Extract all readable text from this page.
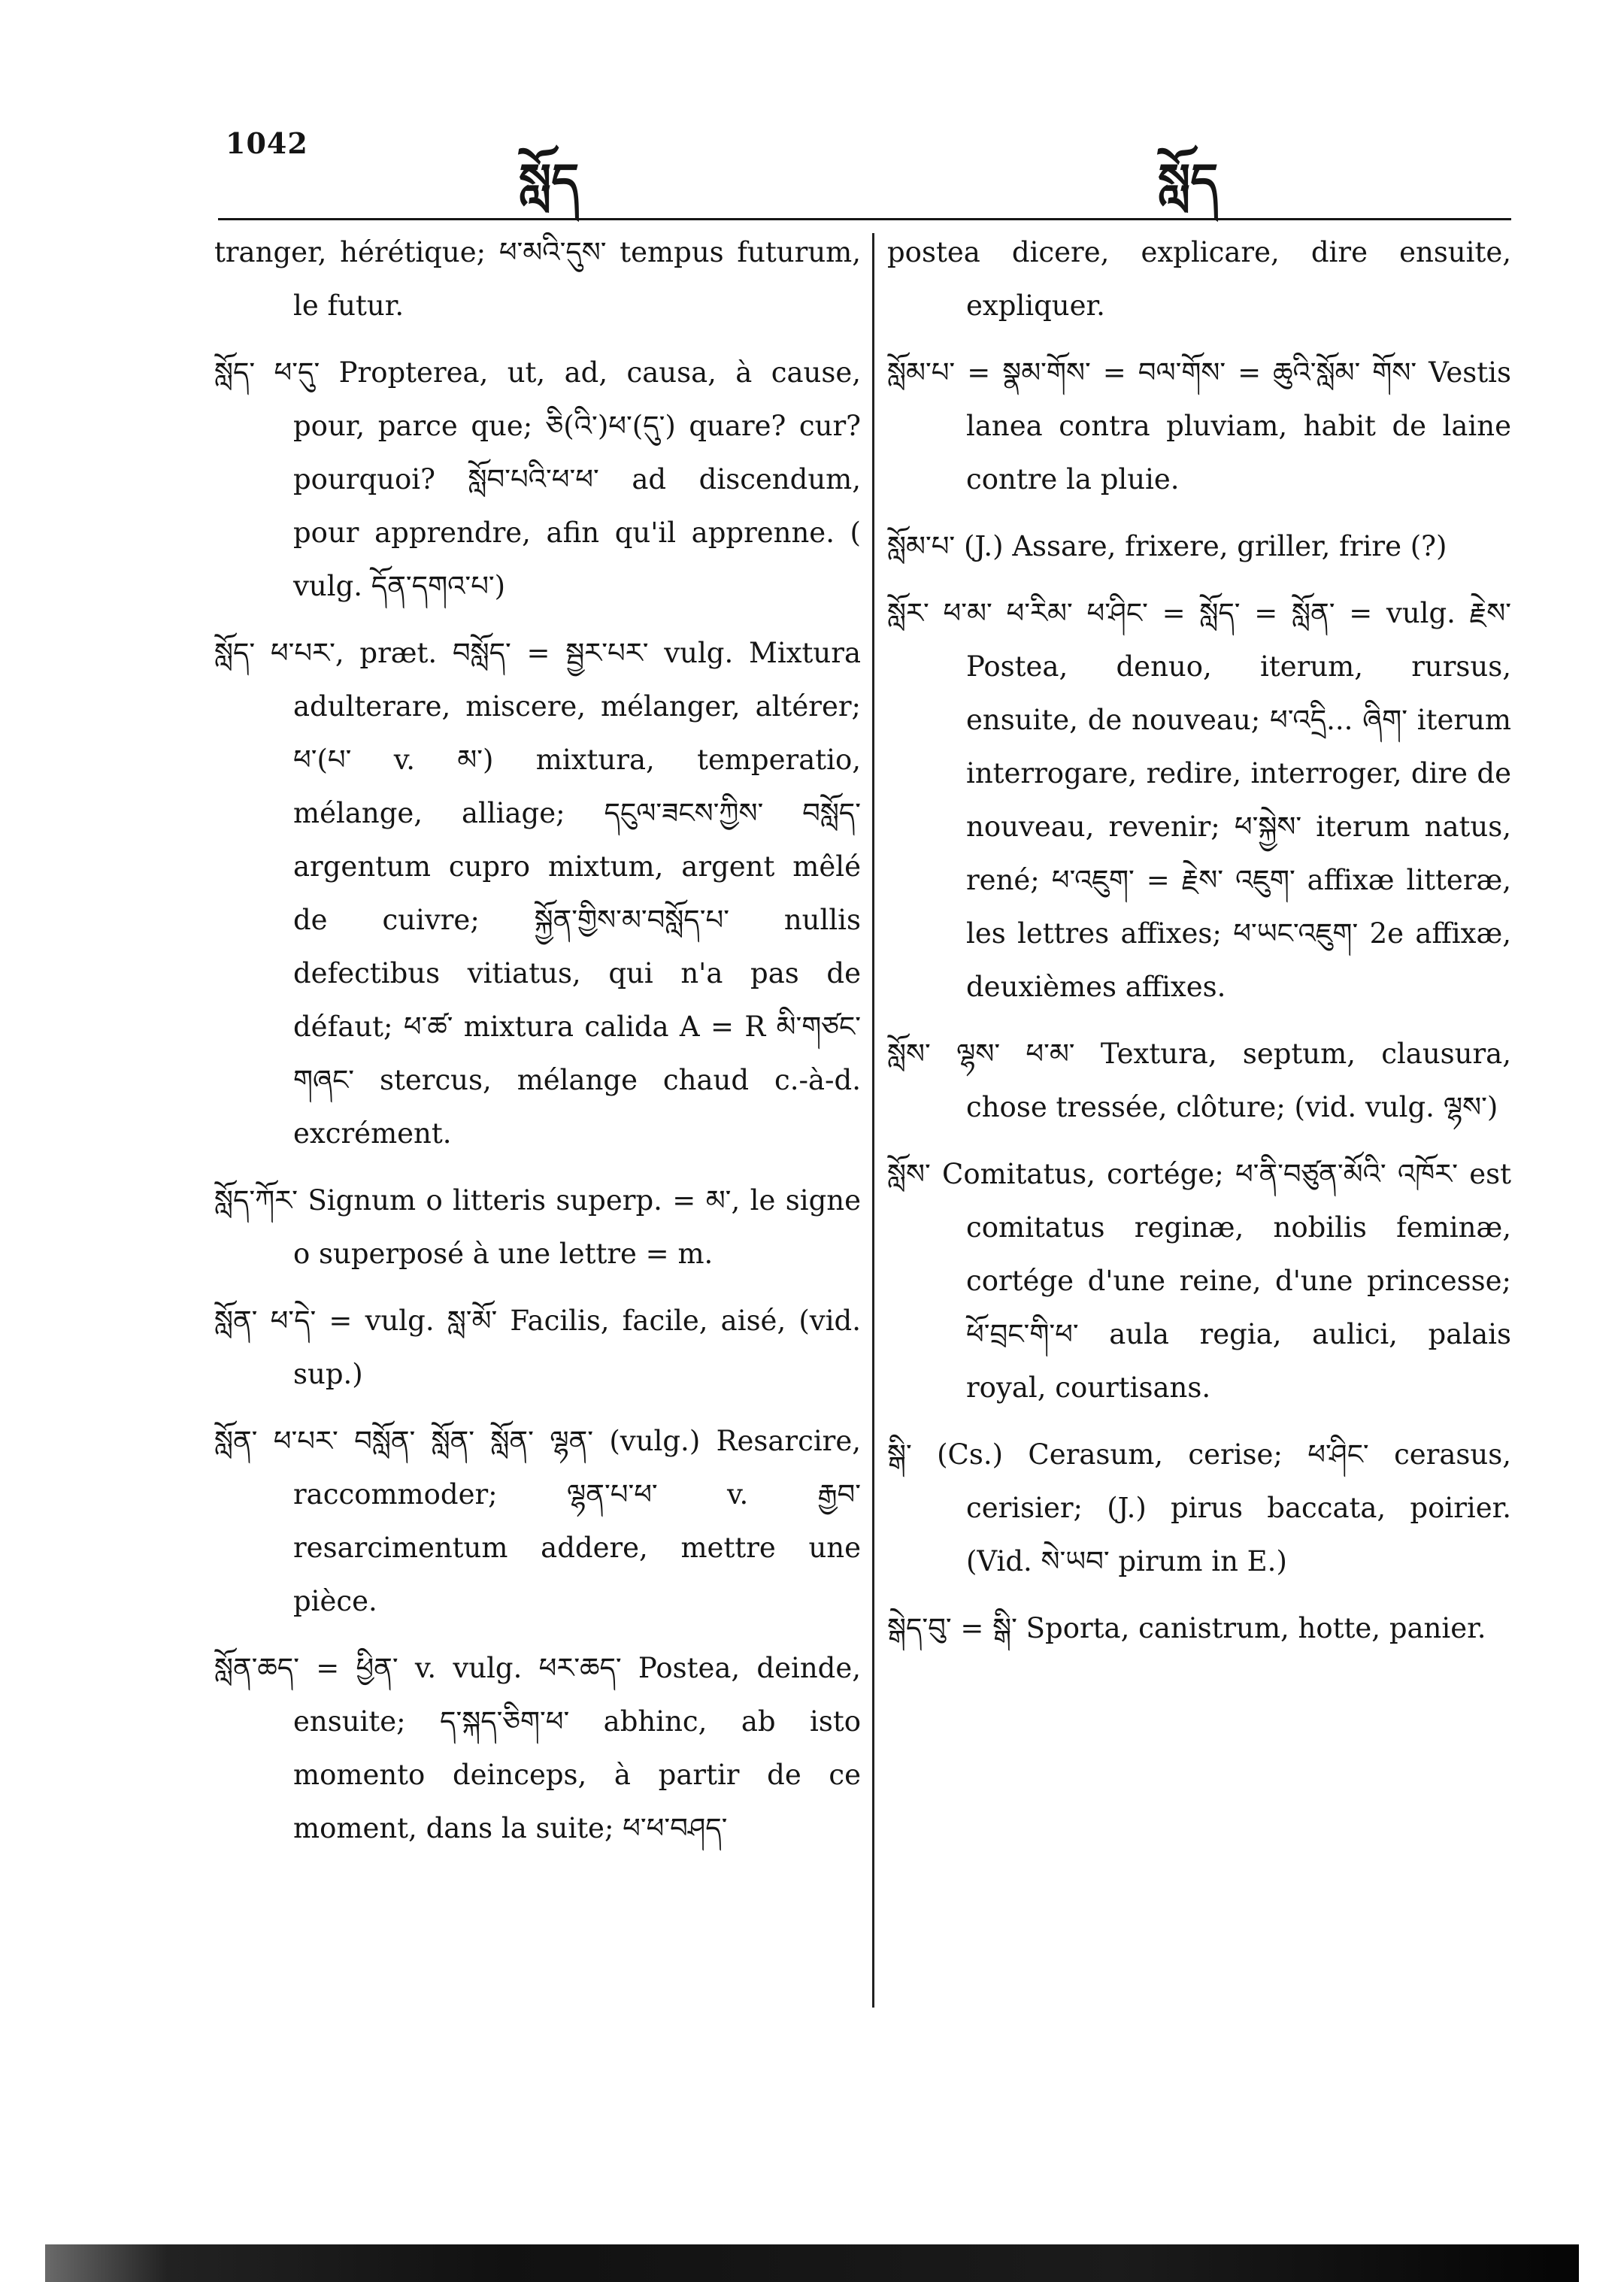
1042
སློད	སློད

tranger, hérétique; ཕ་མའི་དུས་ tempus futurum, le futur.

སློད་ ཕ་དུ་ Propterea, ut, ad, causa, à cause, pour, parce que; ཅི(འི་)ཕ་(དུ་) quare? cur? pourquoi? སློབ་པའི་ཕ་ཕ་ ad discendum, pour apprendre, afin qu'il apprenne. ( vulg. དོན་དགའ་པ་)

སློད་ ཕ་པར་, præt. བསློད་ = སྦྱར་པར་ vulg. Mixtura adulterare, miscere, mélanger, altérer; ཕ་(པ་ v. མ་) mixtura, temperatio, mélange, alliage; དངུལ་ཟངས་ཀྱིས་ བསློད་ argentum cupro mixtum, argent mêlé de cuivre; སྐྱོན་གྱིས་མ་བསློད་པ་ nullis defectibus vitiatus, qui n'a pas de défaut; ཕ་ཚ་ mixtura calida A = R མི་གཙང་གཞང་ stercus, mélange chaud c.-à-d. excrément.

སློད་ཀོར་ Signum o litteris superp. = མ་, le signe o superposé à une lettre = m.

སློན་ ཕ་དེ་ = vulg. སླ་མོ་ Facilis, facile, aisé, (vid. sup.)

སློན་ ཕ་པར་ བསློན་ སློན་ སློན་ ལྷན་ (vulg.) Resarcire, raccommoder; ལྷན་པ་ཕ་ v. རྒྱབ་ resarcimentum addere, mettre une pièce.

སློན་ཆད་ = ཕྱིན་ v. vulg. ཕར་ཆད་ Postea, deinde, ensuite; ད་སྐད་ཅིག་ཕ་ abhinc, ab isto momento deinceps, à partir de ce moment, dans la suite; ཕ་ཕ་བཤད་

postea dicere, explicare, dire ensuite, expliquer.

སློམ་པ་ = སྣམ་གོས་ = བལ་གོས་ = ཆུའི་སློམ་ གོས་ Vestis lanea contra pluviam, habit de laine contre la pluie.

སློམ་པ་ (J.) Assare, frixere, griller, frire (?)

སློར་ ཕ་མ་ ཕ་རིམ་ ཕ་ཤིང་ = སློད་ = སློན་ = vulg. རྗེས་ Postea, denuo, iterum, rursus, ensuite, de nouveau; ཕ་འདྲི... ཞིག་ iterum interrogare, redire, interroger, dire de nouveau, revenir; ཕ་སྐྱེས་ iterum natus, rené; ཕ་འཇུག་ = རྗེས་ འཇུག་ affixæ litteræ, les lettres affixes; ཕ་ཡང་འཇུག་ 2e affixæ, deuxièmes affixes.

སློས་ ལྷས་ ཕ་མ་ Textura, septum, clausura, chose tressée, clôture; (vid. vulg. ལྷས་)

སློས་ Comitatus, cortége; ཕ་ནི་བཙུན་མོའི་ འཁོར་ est comitatus reginæ, nobilis feminæ, cortége d'une reine, d'une princesse; ཕོ་བྲང་གི་ཕ་ aula regia, aulici, palais royal, courtisans.

སྒི་ (Cs.) Cerasum, cerise; ཕ་ཤིང་ cerasus, cerisier; (J.) pirus baccata, poirier. (Vid. སེ་ཡབ་ pirum in E.)

སྒེད་བུ་ = སྒི་ Sporta, canistrum, hotte, panier.
